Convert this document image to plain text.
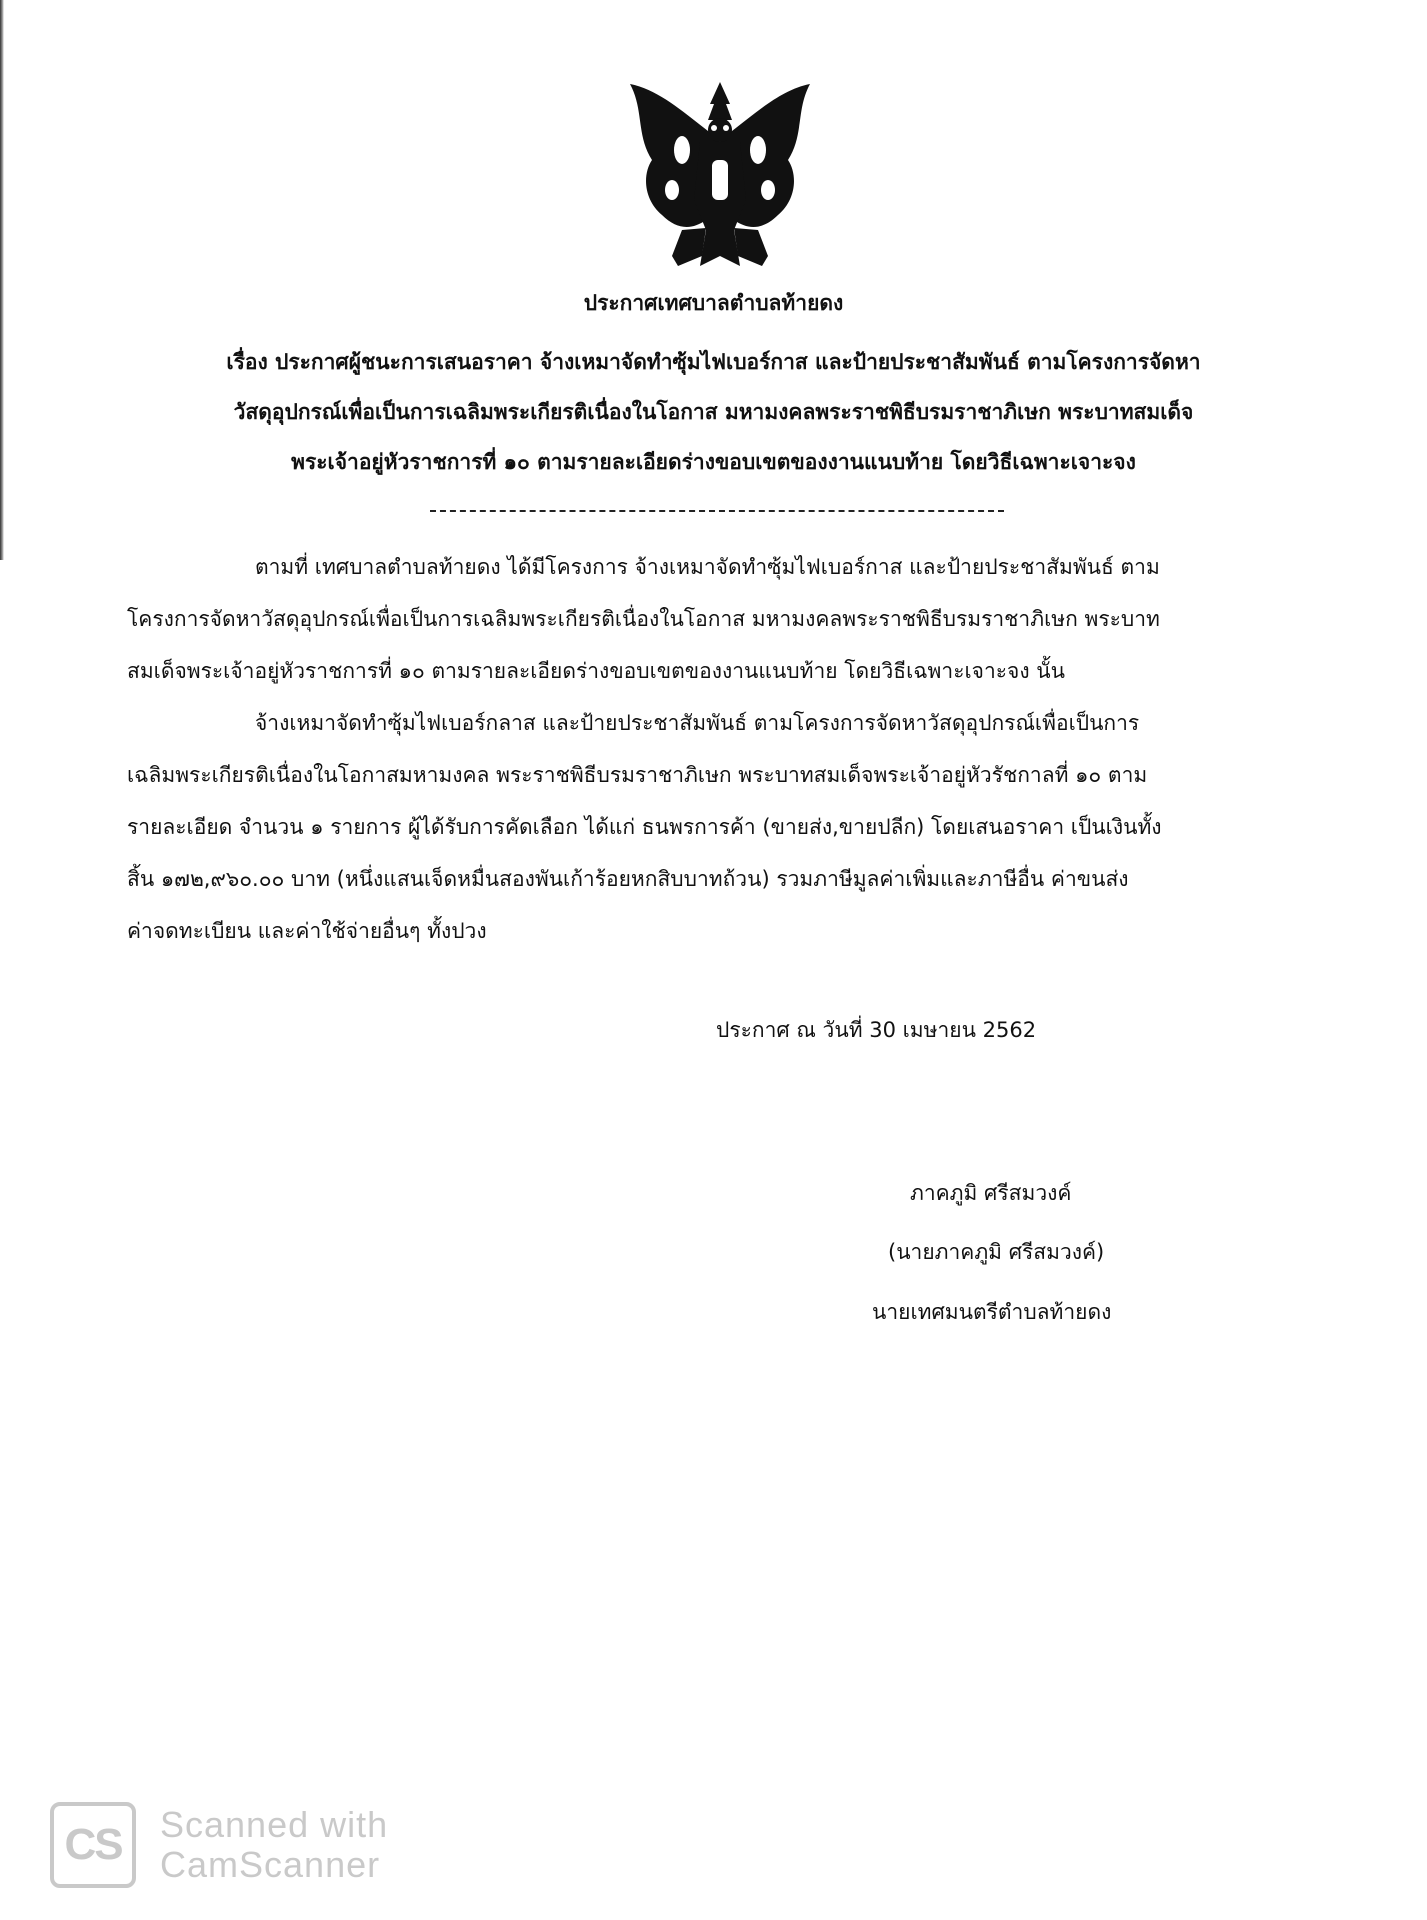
ประกาศเทศบาลตำบลท้ายดง
เรื่อง ประกาศผู้ชนะการเสนอราคา จ้างเหมาจัดทำซุ้มไฟเบอร์กาส และป้ายประชาสัมพันธ์ ตามโครงการจัดหา
วัสดุอุปกรณ์เพื่อเป็นการเฉลิมพระเกียรติเนื่องในโอกาส มหามงคลพระราชพิธีบรมราชาภิเษก พระบาทสมเด็จ
พระเจ้าอยู่หัวราชการที่ ๑๐ ตามรายละเอียดร่างขอบเขตของงานแนบท้าย โดยวิธีเฉพาะเจาะจง
ตามที่ เทศบาลตำบลท้ายดง ได้มีโครงการ จ้างเหมาจัดทำซุ้มไฟเบอร์กาส และป้ายประชาสัมพันธ์ ตาม
โครงการจัดหาวัสดุอุปกรณ์เพื่อเป็นการเฉลิมพระเกียรติเนื่องในโอกาส มหามงคลพระราชพิธีบรมราชาภิเษก พระบาท
สมเด็จพระเจ้าอยู่หัวราชการที่ ๑๐ ตามรายละเอียดร่างขอบเขตของงานแนบท้าย โดยวิธีเฉพาะเจาะจง นั้น
จ้างเหมาจัดทำซุ้มไฟเบอร์กลาส และป้ายประชาสัมพันธ์ ตามโครงการจัดหาวัสดุอุปกรณ์เพื่อเป็นการ
เฉลิมพระเกียรติเนื่องในโอกาสมหามงคล พระราชพิธีบรมราชาภิเษก พระบาทสมเด็จพระเจ้าอยู่หัวรัชกาลที่ ๑๐ ตาม
รายละเอียด จำนวน ๑ รายการ ผู้ได้รับการคัดเลือก ได้แก่ ธนพรการค้า (ขายส่ง,ขายปลีก) โดยเสนอราคา เป็นเงินทั้ง
สิ้น ๑๗๒,๙๖๐.๐๐ บาท (หนึ่งแสนเจ็ดหมื่นสองพันเก้าร้อยหกสิบบาทถ้วน) รวมภาษีมูลค่าเพิ่มและภาษีอื่น ค่าขนส่ง
ค่าจดทะเบียน และค่าใช้จ่ายอื่นๆ ทั้งปวง
ประกาศ ณ วันที่ 30 เมษายน 2562
ภาคภูมิ ศรีสมวงค์
(นายภาคภูมิ ศรีสมวงค์)
นายเทศมนตรีตำบลท้ายดง
CS	Scanned with
CamScanner
